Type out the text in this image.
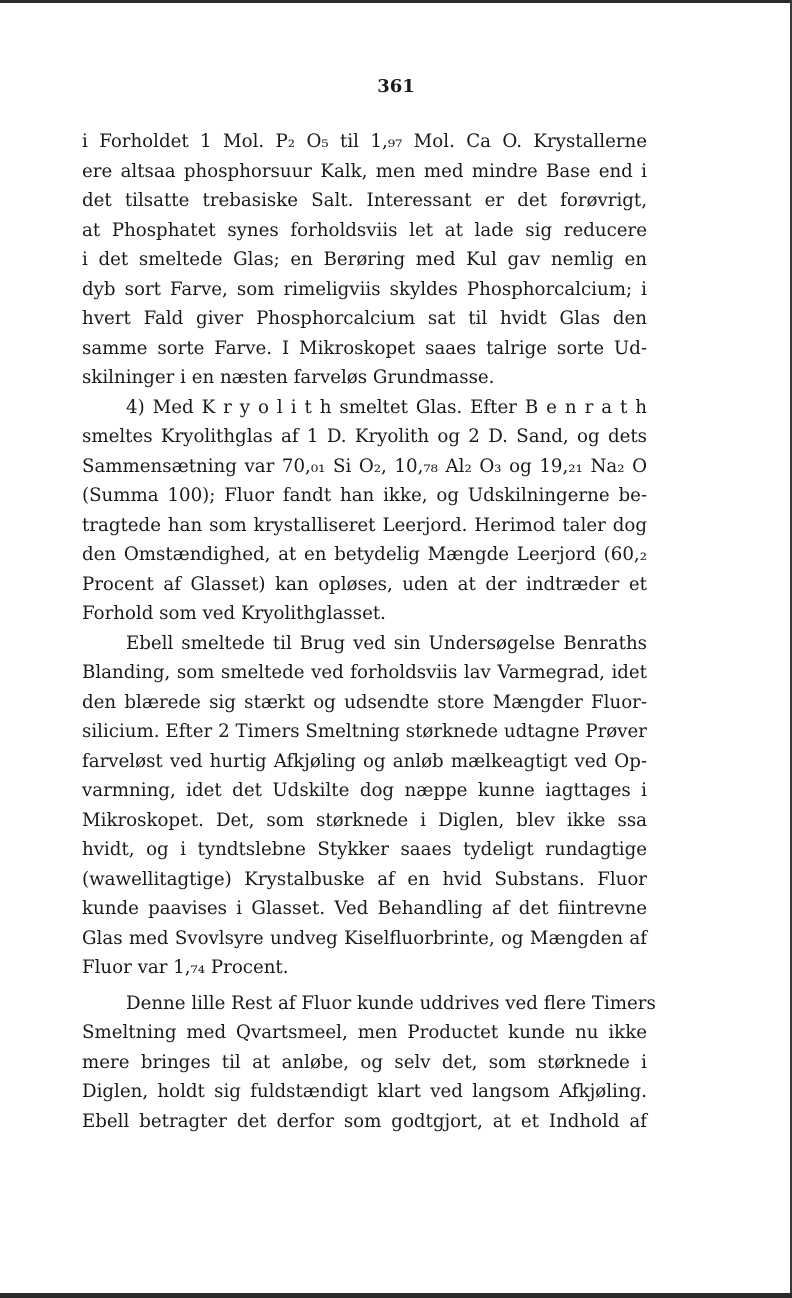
361
i Forholdet 1 Mol. P₂ O₅ til 1,₉₇ Mol. Ca O. Krystallerne
ere altsaa phosphorsuur Kalk, men med mindre Base end i
det tilsatte trebasiske Salt. Interessant er det forøvrigt,
at Phosphatet synes forholdsviis let at lade sig reducere
i det smeltede Glas; en Berøring med Kul gav nemlig en
dyb sort Farve, som rimeligviis skyldes Phosphorcalcium; i
hvert Fald giver Phosphorcalcium sat til hvidt Glas den
samme sorte Farve. I Mikroskopet saaes talrige sorte Ud-
skilninger i en næsten farveløs Grundmasse.
4) Med K r y o l i t h smeltet Glas. Efter B e n r a t h
smeltes Kryolithglas af 1 D. Kryolith og 2 D. Sand, og dets
Sammensætning var 70,₀₁ Si O₂, 10,₇₈ Al₂ O₃ og 19,₂₁ Na₂ O
(Summa 100); Fluor fandt han ikke, og Udskilningerne be-
tragtede han som krystalliseret Leerjord. Herimod taler dog
den Omstændighed, at en betydelig Mængde Leerjord (60,₂
Procent af Glasset) kan opløses, uden at der indtræder et
Forhold som ved Kryolithglasset.
Ebell smeltede til Brug ved sin Undersøgelse Benraths
Blanding, som smeltede ved forholdsviis lav Varmegrad, idet
den blærede sig stærkt og udsendte store Mængder Fluor-
silicium. Efter 2 Timers Smeltning størknede udtagne Prøver
farveløst ved hurtig Afkjøling og anløb mælkeagtigt ved Op-
varmning, idet det Udskilte dog næppe kunne iagttages i
Mikroskopet. Det, som størknede i Diglen, blev ikke ssa
hvidt, og i tyndtslebne Stykker saaes tydeligt rundagtige
(wawellitagtige) Krystalbuske af en hvid Substans. Fluor
kunde paavises i Glasset. Ved Behandling af det fiintrevne
Glas med Svovlsyre undveg Kiselfluorbrinte, og Mængden af
Fluor var 1,₇₄ Procent.
Denne lille Rest af Fluor kunde uddrives ved flere Timers
Smeltning med Qvartsmeel, men Productet kunde nu ikke
mere bringes til at anløbe, og selv det, som størknede i
Diglen, holdt sig fuldstændigt klart ved langsom Afkjøling.
Ebell betragter det derfor som godtgjort, at et Indhold af
